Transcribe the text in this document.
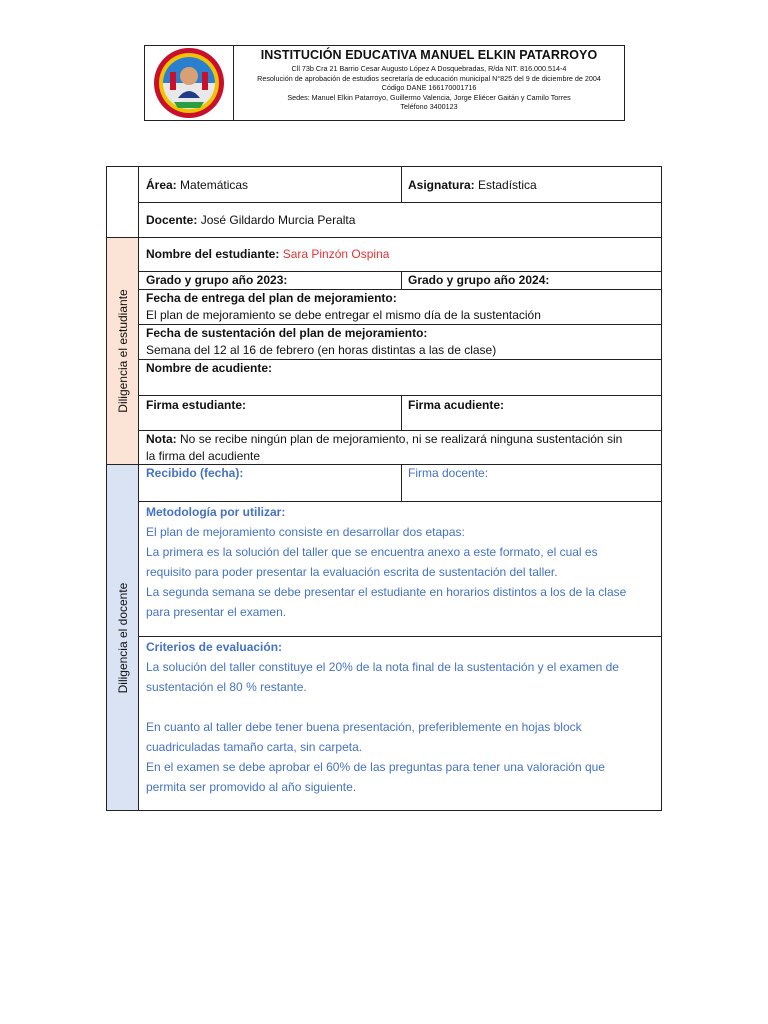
INSTITUCIÓN EDUCATIVA MANUEL ELKIN PATARROYO
Cll 73b Cra 21 Barrio Cesar Augusto López A Dosquebradas, R/da NIT. 816.000.514-4
Resolución de aprobación de estudios secretaría de educación municipal N°825 del 9 de diciembre de 2004
Código DANE 166170001716
Sedes: Manuel Elkin Patarroyo, Guillermo Valencia, Jorge Eliécer Gaitán y Camilo Torres
Teléfono 3400123
Diligencia el estudiante
Diligencia el docente
Área: Matemáticas	Asignatura: Estadística
Docente: José Gildardo Murcia Peralta
Nombre del estudiante: Sara Pinzón Ospina
Grado y grupo año 2023:	Grado y grupo año 2024:
Fecha de entrega del plan de mejoramiento:
El plan de mejoramiento se debe entregar el mismo día de la sustentación
Fecha de sustentación del plan de mejoramiento:
Semana del 12 al 16 de febrero (en horas distintas a las de clase)
Nombre de acudiente:
Firma estudiante:	Firma acudiente:
Nota: No se recibe ningún plan de mejoramiento, ni se realizará ninguna sustentación sin
la firma del acudiente
Recibido (fecha):	Firma docente:
Metodología por utilizar:
El plan de mejoramiento consiste en desarrollar dos etapas:
La primera es la solución del taller que se encuentra anexo a este formato, el cual es
requisito para poder presentar la evaluación escrita de sustentación del taller.
La segunda semana se debe presentar el estudiante en horarios distintos a los de la clase
para presentar el examen.
Criterios de evaluación:
La solución del taller constituye el 20% de la nota final de la sustentación y el examen de
sustentación el 80 % restante.
En cuanto al taller debe tener buena presentación, preferiblemente en hojas block
cuadriculadas tamaño carta, sin carpeta.
En el examen se debe aprobar el 60% de las preguntas para tener una valoración que
permita ser promovido al año siguiente.
